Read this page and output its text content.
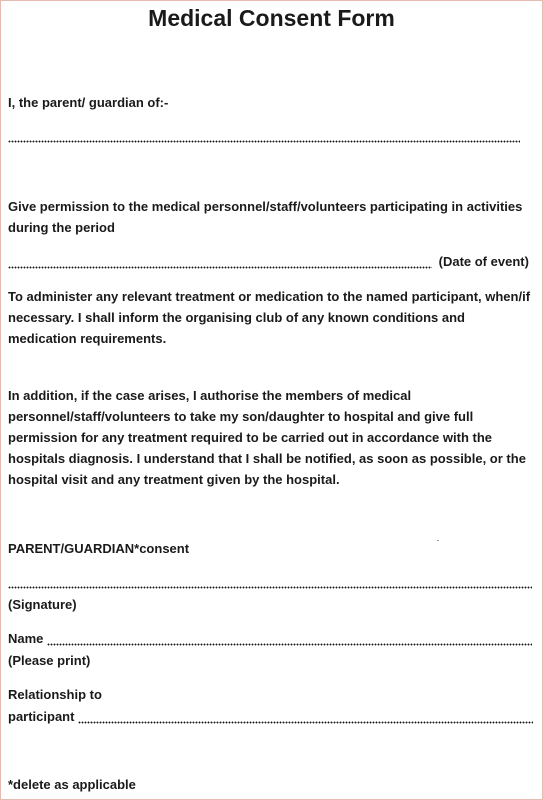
Medical Consent Form

I, the parent/ guardian of:-

Give permission to the medical personnel/staff/volunteers participating in activities during the period

(Date of event)

To administer any relevant treatment or medication to the named participant, when/if necessary. I shall inform the organising club of any known conditions and medication requirements.

In addition, if the case arises, I authorise the members of medical personnel/staff/volunteers to take my son/daughter to hospital and give full permission for any treatment required to be carried out in accordance with the hospitals diagnosis. I understand that I shall be notified, as soon as possible, or the hospital visit and any treatment given by the hospital.

PARENT/GUARDIAN*consent

(Signature)

Name

(Please print)

Relationship to

participant

*delete as applicable
